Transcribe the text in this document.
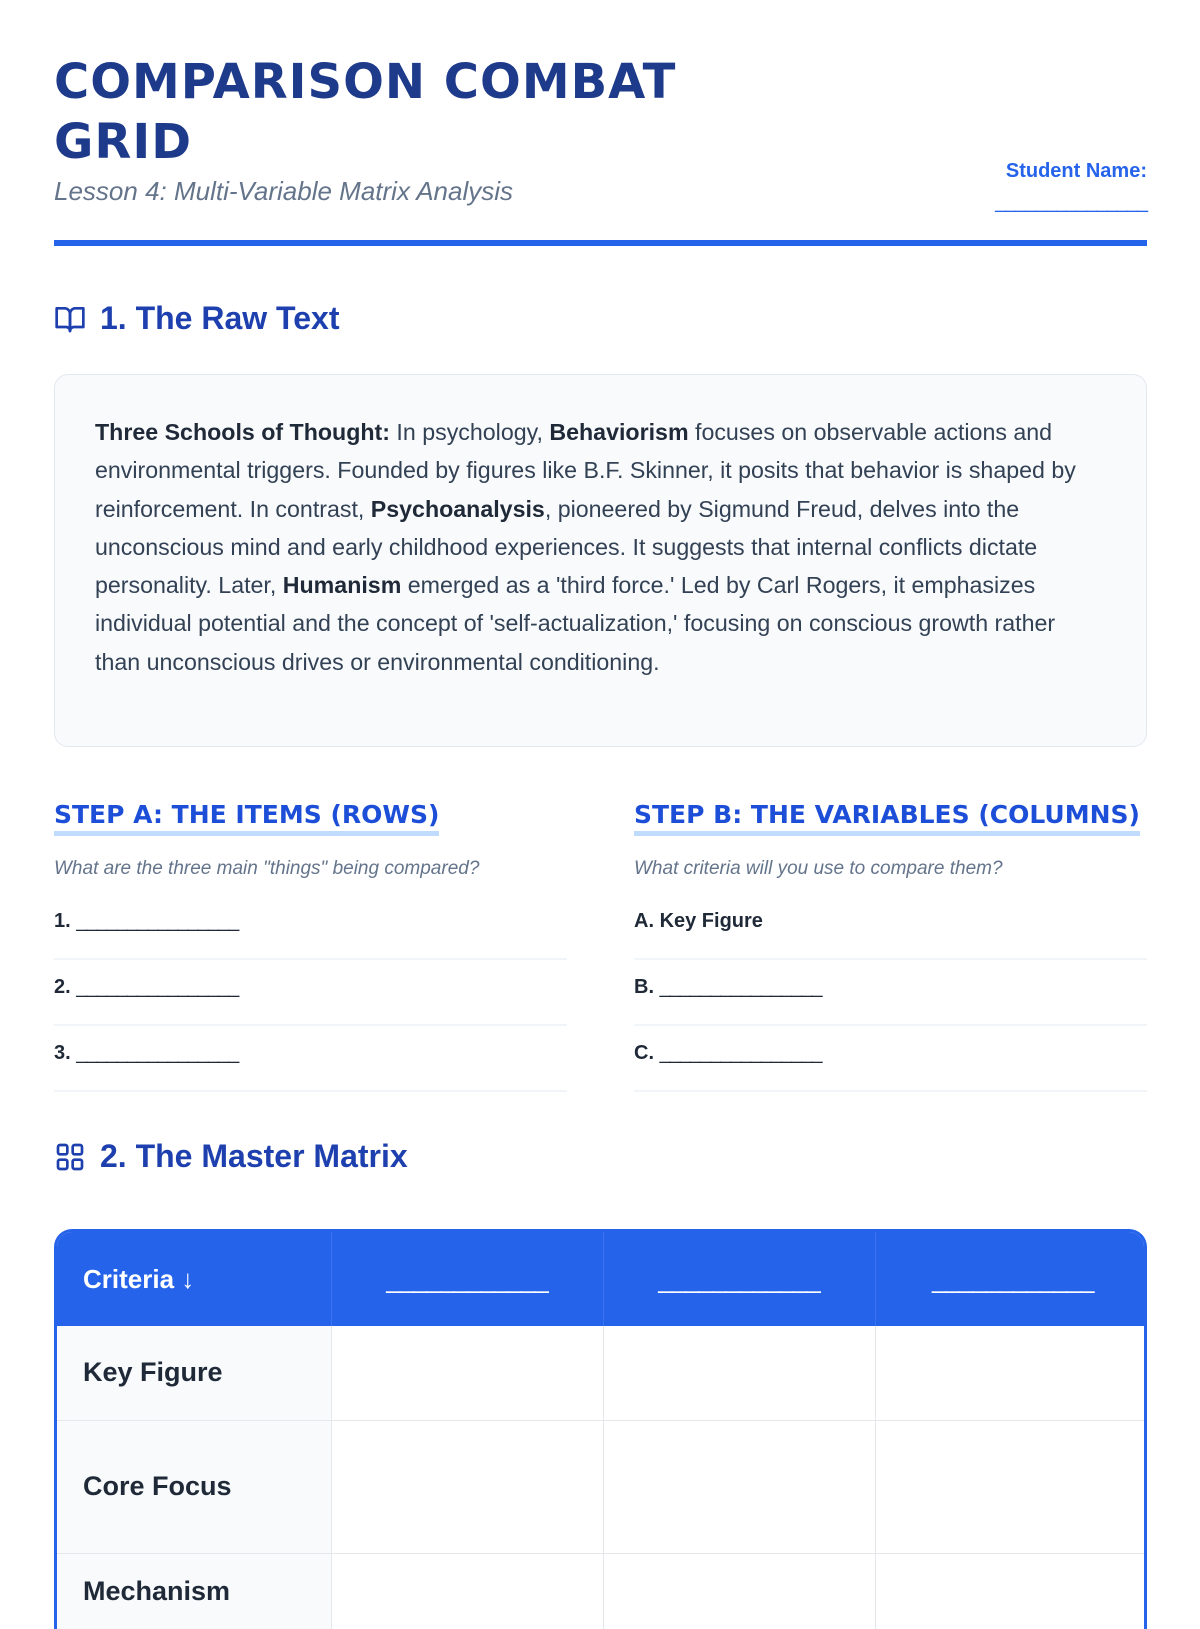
COMPARISON COMBAT GRID

Lesson 4: Multi-Variable Matrix Analysis

Student Name:
_______________
1. The Raw Text

Three Schools of Thought: In psychology, Behaviorism focuses on observable actions and environmental triggers. Founded by figures like B.F. Skinner, it posits that behavior is shaped by reinforcement. In contrast, Psychoanalysis, pioneered by Sigmund Freud, delves into the unconscious mind and early childhood experiences. It suggests that internal conflicts dictate personality. Later, Humanism emerged as a 'third force.' Led by Carl Rogers, it emphasizes individual potential and the concept of 'self-actualization,' focusing on conscious growth rather than unconscious drives or environmental conditioning.

STEP A: THE ITEMS (ROWS)
What are the three main "things" being compared?
1.
________________
2.
________________
3.
________________
STEP B: THE VARIABLES (COLUMNS)
What criteria will you use to compare them?
A.
Key Figure
B.
________________
C.
________________
2. The Master Matrix
Criteria ↓	____________	____________	____________
Key Figure			
Core Focus			
Mechanism			
